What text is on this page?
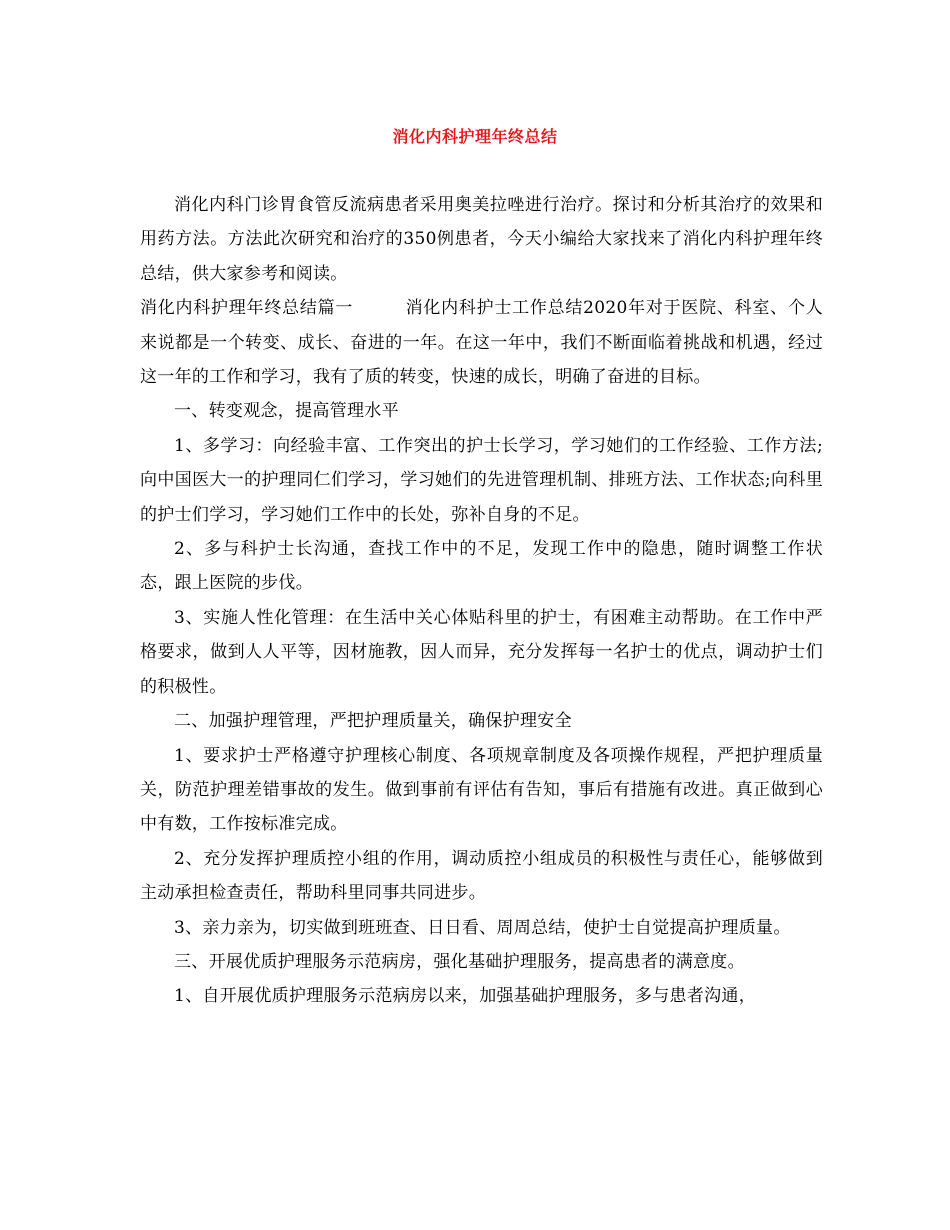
消化内科护理年终总结

消化内科门诊胃食管反流病患者采用奥美拉唑进行治疗。探讨和分析其治疗的效果和用药方法。方法此次研究和治疗的350例患者，今天小编给大家找来了消化内科护理年终总结，供大家参考和阅读。

消化内科护理年终总结篇一	消化内科护士工作总结2020年对于医院、科室、个人来说都是一个转变、成长、奋进的一年。在这一年中，我们不断面临着挑战和机遇，经过这一年的工作和学习，我有了质的转变，快速的成长，明确了奋进的目标。

一、转变观念，提高管理水平

1、多学习：向经验丰富、工作突出的护士长学习，学习她们的工作经验、工作方法;向中国医大一的护理同仁们学习，学习她们的先进管理机制、排班方法、工作状态;向科里的护士们学习，学习她们工作中的长处，弥补自身的不足。

2、多与科护士长沟通，查找工作中的不足，发现工作中的隐患，随时调整工作状态，跟上医院的步伐。

3、实施人性化管理：在生活中关心体贴科里的护士，有困难主动帮助。在工作中严格要求，做到人人平等，因材施教，因人而异，充分发挥每一名护士的优点，调动护士们的积极性。

二、加强护理管理，严把护理质量关，确保护理安全

1、要求护士严格遵守护理核心制度、各项规章制度及各项操作规程，严把护理质量关，防范护理差错事故的发生。做到事前有评估有告知，事后有措施有改进。真正做到心中有数，工作按标准完成。

2、充分发挥护理质控小组的作用，调动质控小组成员的积极性与责任心，能够做到主动承担检查责任，帮助科里同事共同进步。

3、亲力亲为，切实做到班班查、日日看、周周总结，使护士自觉提高护理质量。

三、开展优质护理服务示范病房，强化基础护理服务，提高患者的满意度。

1、自开展优质护理服务示范病房以来，加强基础护理服务，多与患者沟通，
